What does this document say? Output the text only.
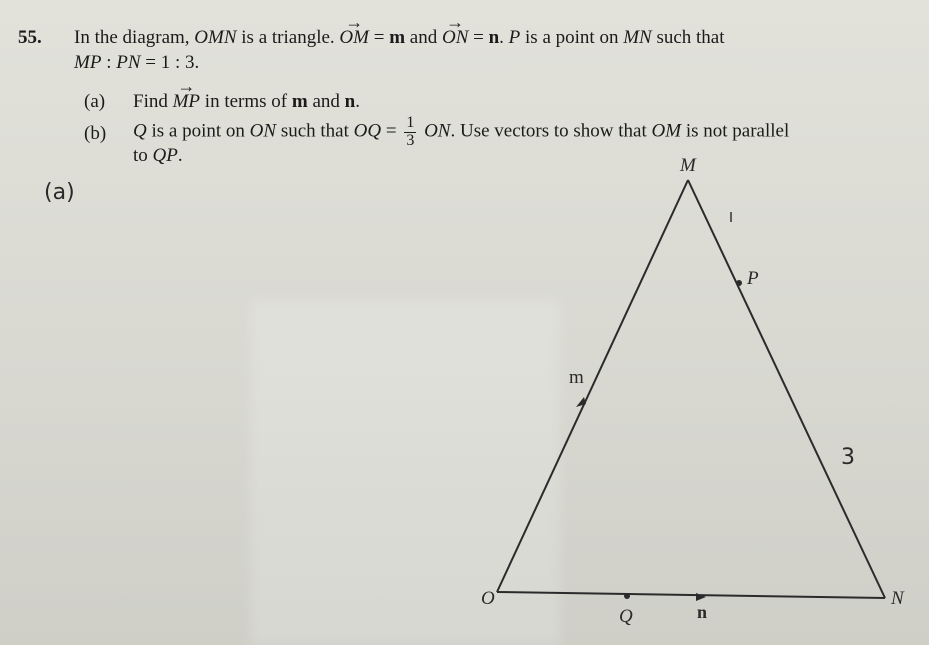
55. In the diagram, OMN is a triangle. → OM = m and → ON = n. P is a point on MN such that
MP : PN = 1 : 3.
(a) Find → MP in terms of m and n.
(b) Q is a point on ON such that OQ = $\frac{1}{3}$ ON. Use vectors to show that OM is not parallel
to QP.
(a)
M
P
m
3
O	N
Q	n
